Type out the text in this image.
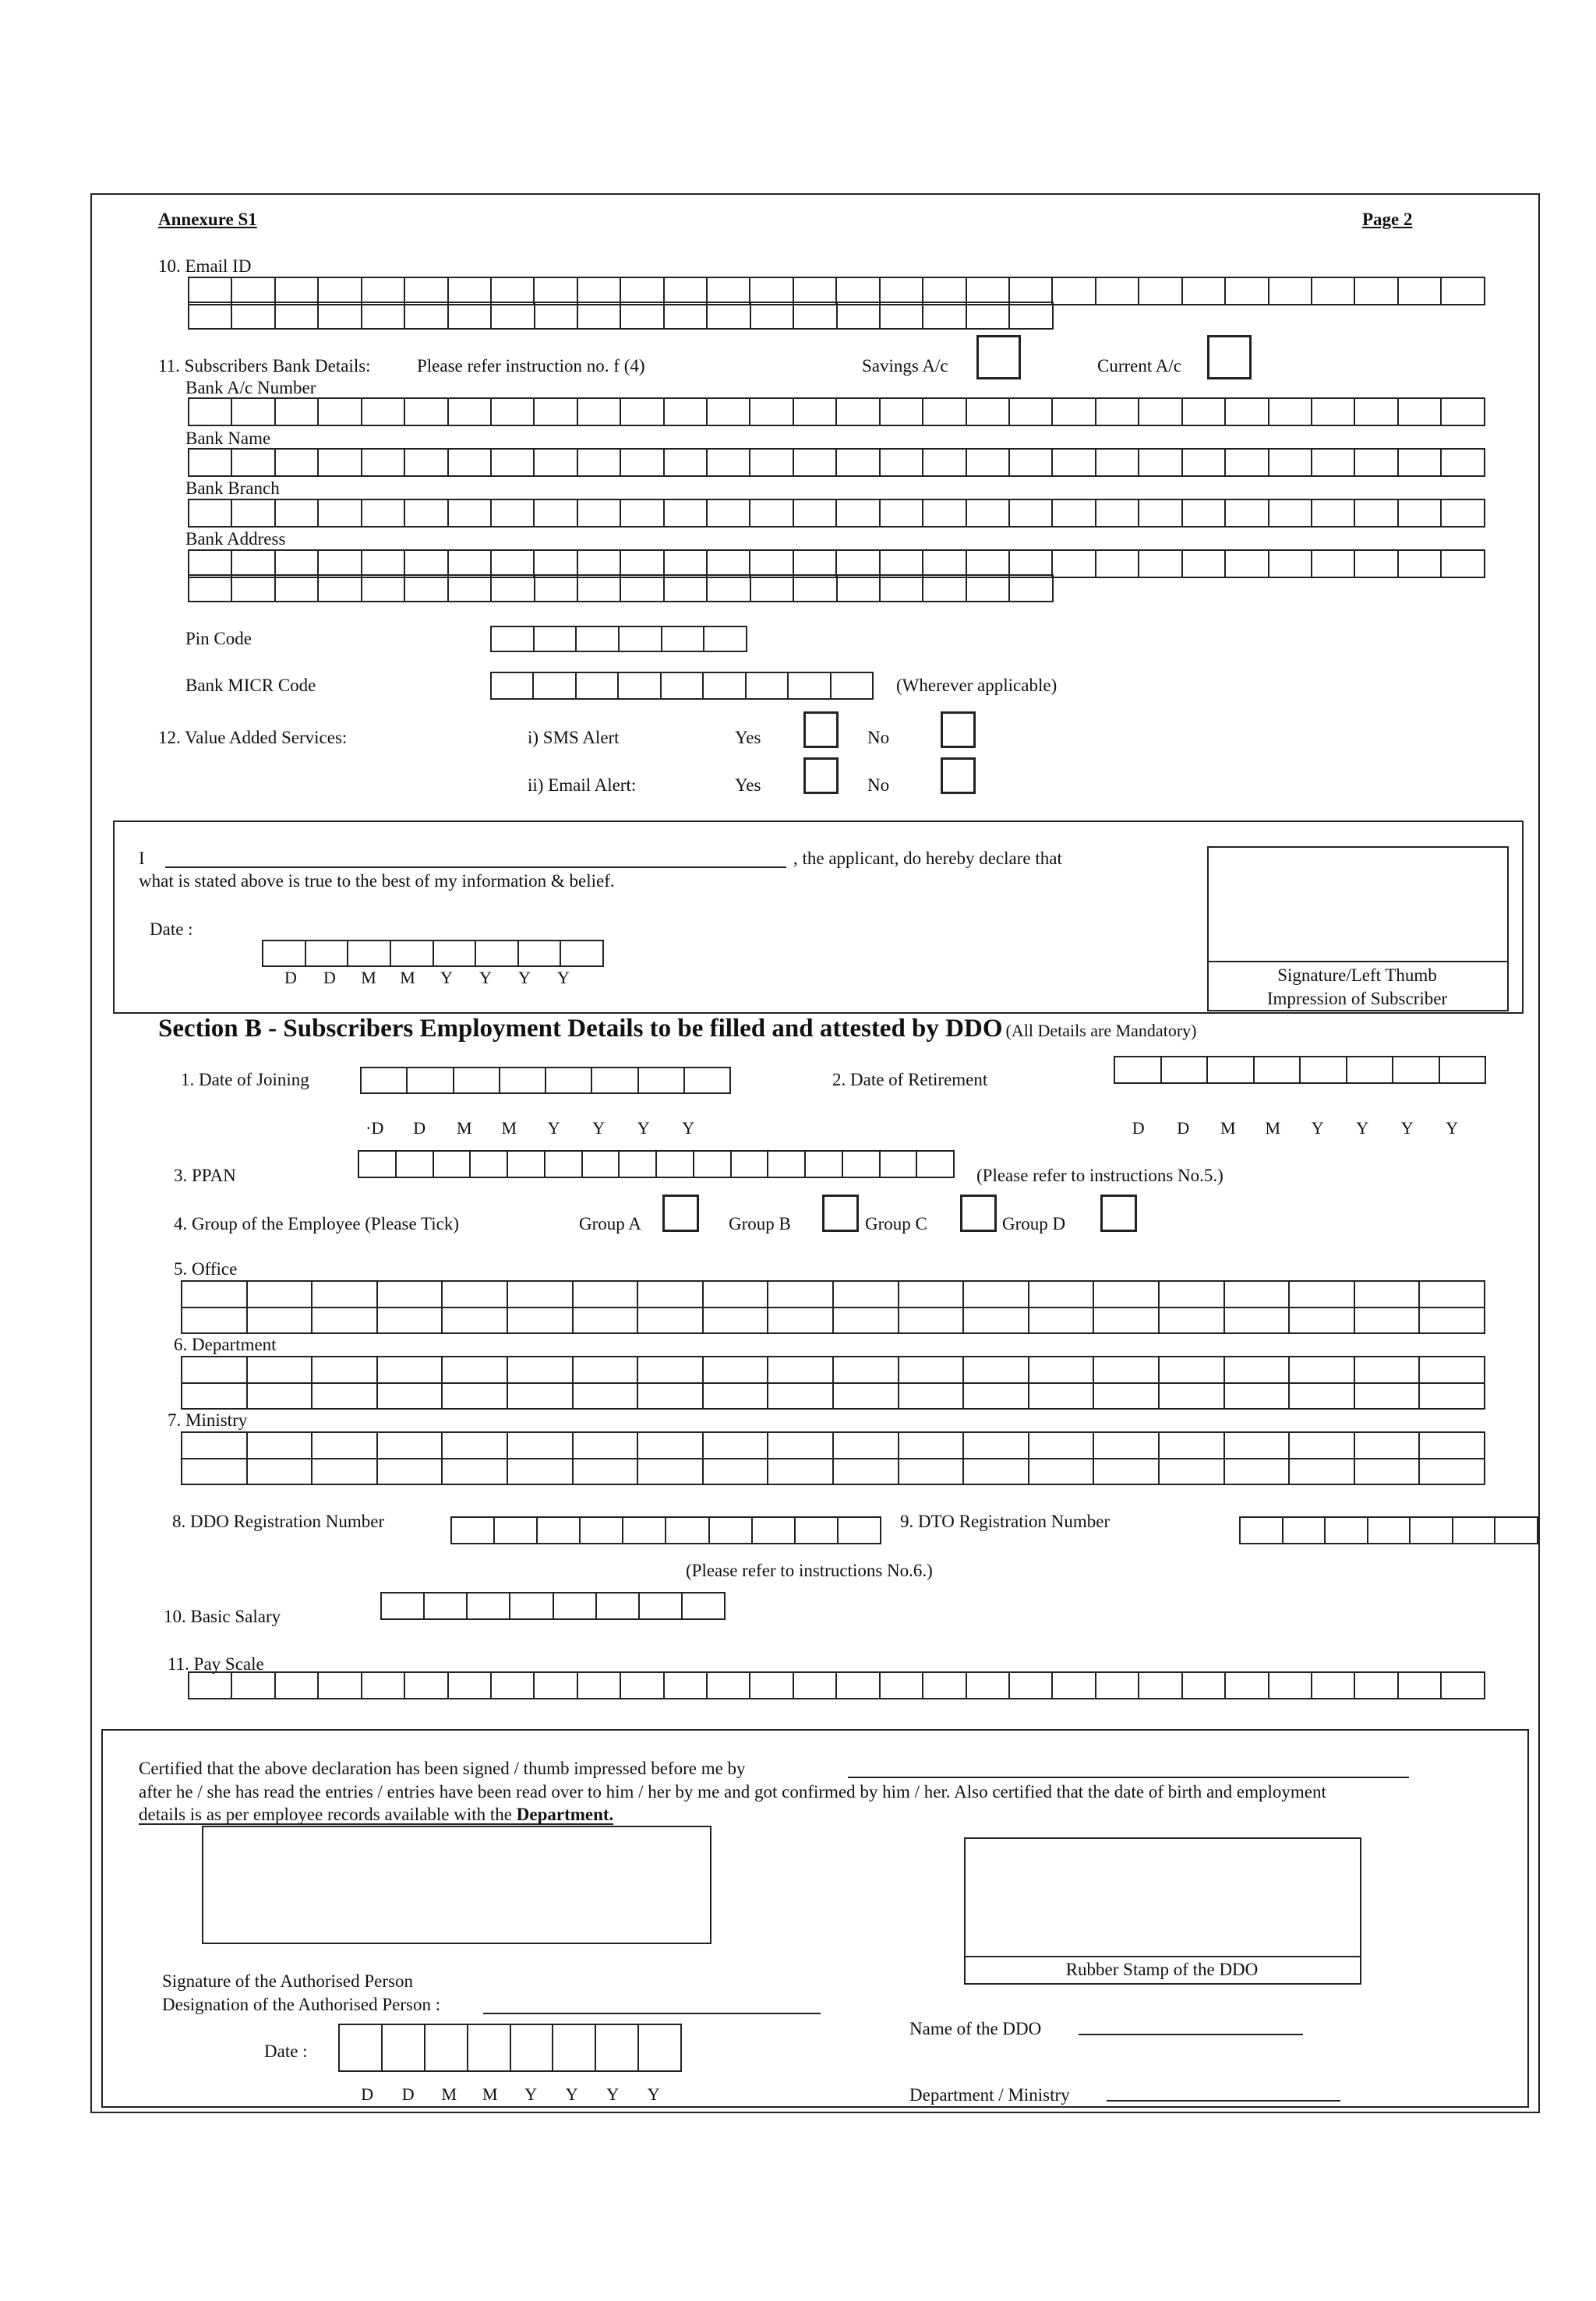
Annexure S1	Page 2
10. Email ID
11. Subscribers Bank Details:	Please refer instruction no. f (4)	Savings A/c	Current A/c
Bank A/c Number
Bank Name
Bank Branch
Bank Address
Pin Code
Bank MICR Code	(Wherever applicable)
12. Value Added Services:	i) SMS Alert	Yes	No
ii) Email Alert:	Yes	No
I	, the applicant, do hereby declare that
what is stated above is true to the best of my information & belief.
Date :
D	D	M	M	Y	Y	Y	Y	Signature/Left Thumb
Impression of Subscriber
Section B - Subscribers Employment Details to be filled and attested by DDO (All Details are Mandatory)
1. Date of Joining
·D	D	M	M	Y	Y	Y	Y
2. Date of Retirement
D	D	M	M	Y	Y	Y	Y
3. PPAN	(Please refer to instructions No.5.)
4. Group of the Employee (Please Tick)	Group A	Group B	Group C	Group D
5. Office
6. Department
7. Ministry
8. DDO Registration Number	9. DTO Registration Number
(Please refer to instructions No.6.)
10. Basic Salary
11. Pay Scale
Certified that the above declaration has been signed / thumb impressed before me by
after he / she has read the entries / entries have been read over to him / her by me and got confirmed by him / her. Also certified that the date of birth and employment
details is as per employee records available with the Department.
Rubber Stamp of the DDO
Signature of the Authorised Person
Designation of the Authorised Person :
Name of the DDO
Date :
D	D	M	M	Y	Y	Y	Y	Department / Ministry
